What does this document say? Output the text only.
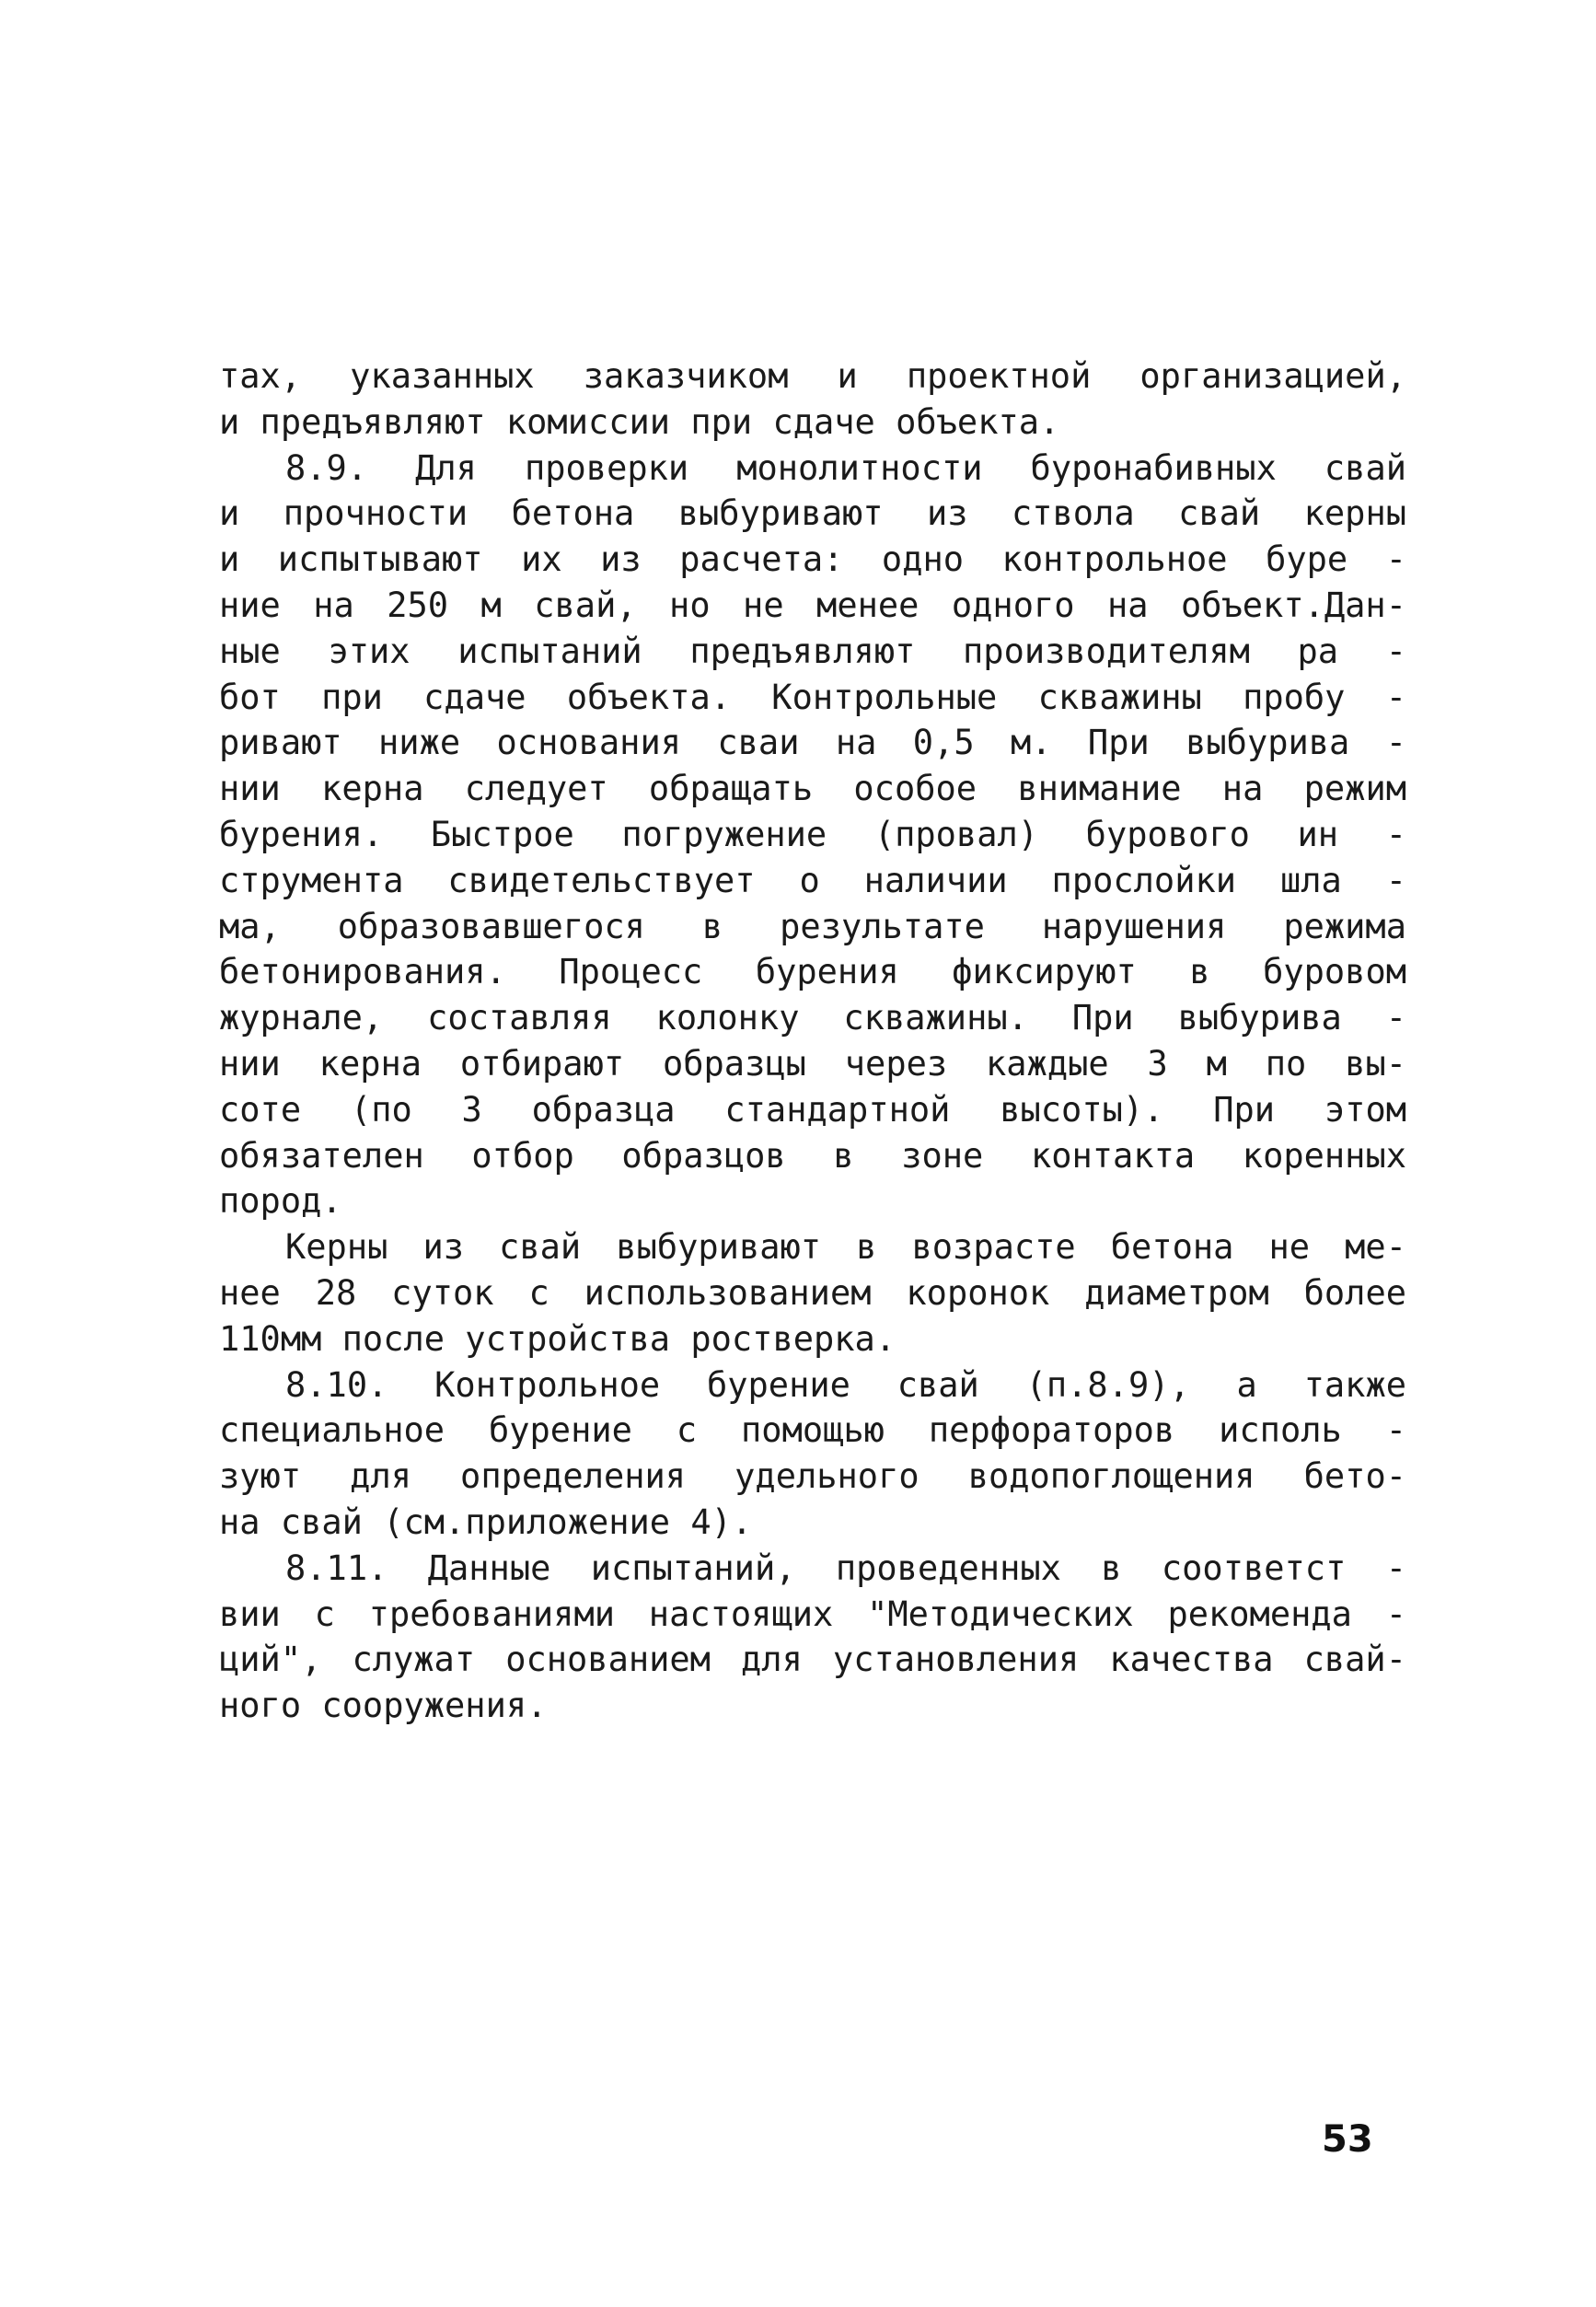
тах, указанных заказчиком и проектной организацией,
и предъявляют комиссии при сдаче объекта.
8.9. Для проверки монолитности буронабивных свай
и прочности бетона выбуривают из ствола свай керны
и испытывают их из расчета: одно контрольное буре -
ние на 250 м свай, но не менее одного на объект.Дан-
ные этих испытаний предъявляют производителям ра -
бот при сдаче объекта. Контрольные скважины пробу -
ривают ниже основания сваи на 0,5 м. При выбурива -
нии керна следует обращать особое внимание на режим
бурения. Быстрое погружение (провал) бурового ин -
струмента свидетельствует о наличии прослойки шла -
ма, образовавшегося в результате нарушения режима
бетонирования. Процесс бурения фиксируют в буровом
журнале, составляя колонку скважины. При выбурива -
нии керна отбирают образцы через каждые 3 м по вы-
соте (по 3 образца стандартной высоты). При этом
обязателен отбор образцов в зоне контакта коренных
пород.
Керны из свай выбуривают в возрасте бетона не ме-
нее 28 суток с использованием коронок диаметром более
110мм после устройства ростверка.
8.10. Контрольное бурение свай (п.8.9), а также
специальное бурение с помощью перфораторов исполь -
зуют для определения удельного водопоглощения бето-
на свай (см.приложение 4).
8.11. Данные испытаний, проведенных в соответст -
вии с требованиями настоящих "Методических рекоменда -
ций", служат основанием для установления качества свай-
ного сооружения.
53
